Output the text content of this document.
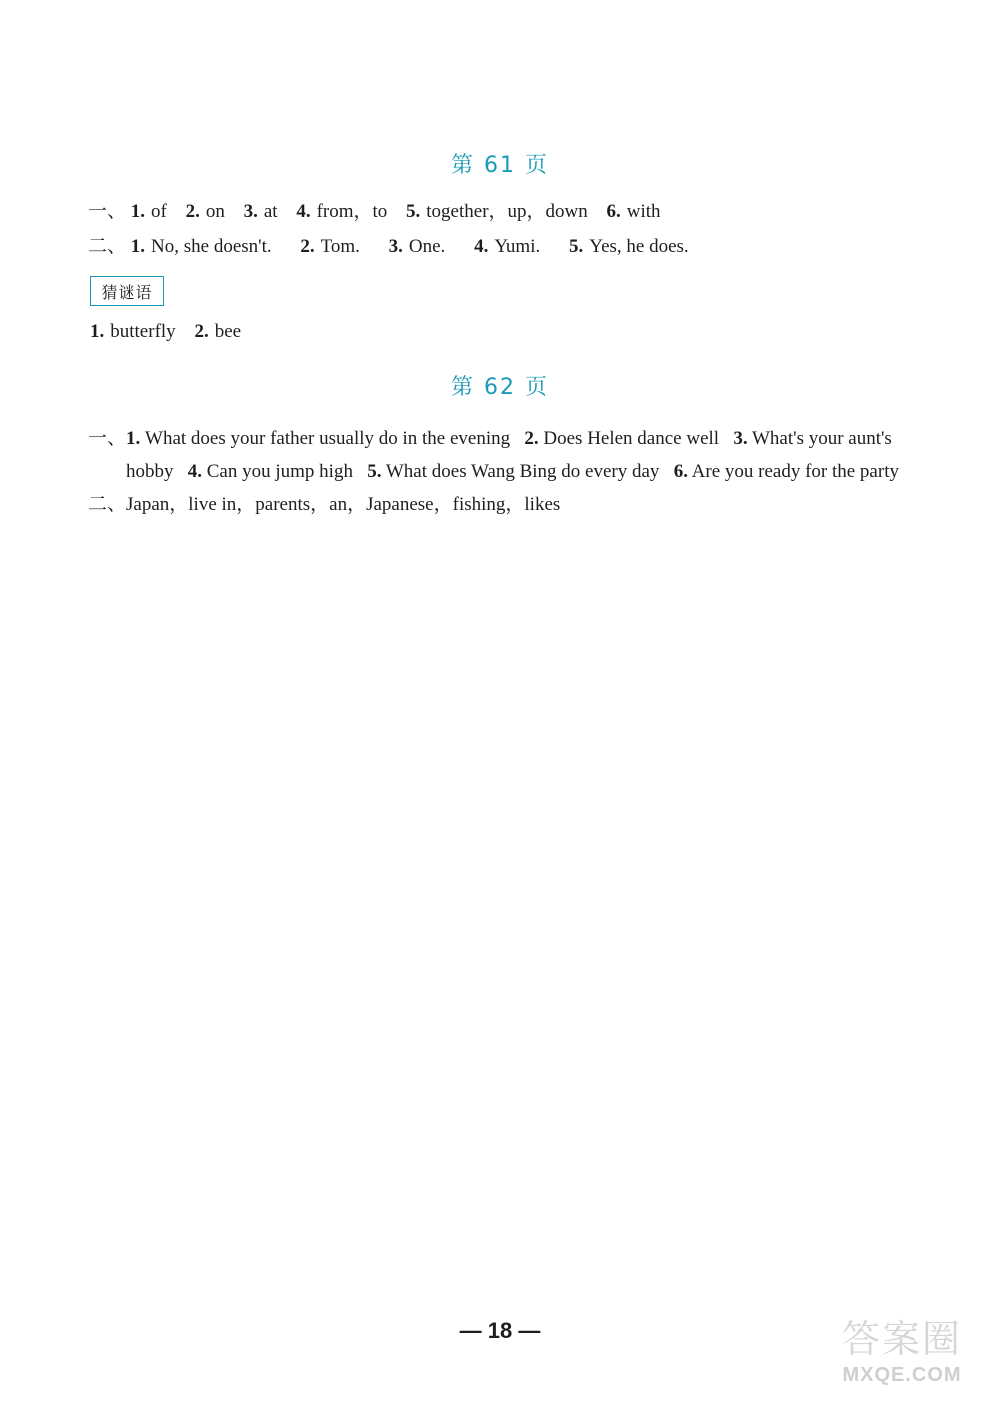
第 61 页
一、 1. of 2. on 3. at 4. from，to 5. together，up，down 6. with
二、 1. No, she doesn't. 2. Tom. 3. One. 4. Yumi. 5. Yes, he does.
猜谜语
1. butterfly 2. bee
第 62 页
一、1. What does your father usually do in the evening 2. Does Helen dance well 3. What's your aunt's hobby 4. Can you jump high 5. What does Wang Bing do every day 6. Are you ready for the party
二、Japan，live in，parents，an，Japanese，fishing，likes
— 18 —	答案圈
MXQE.COM
